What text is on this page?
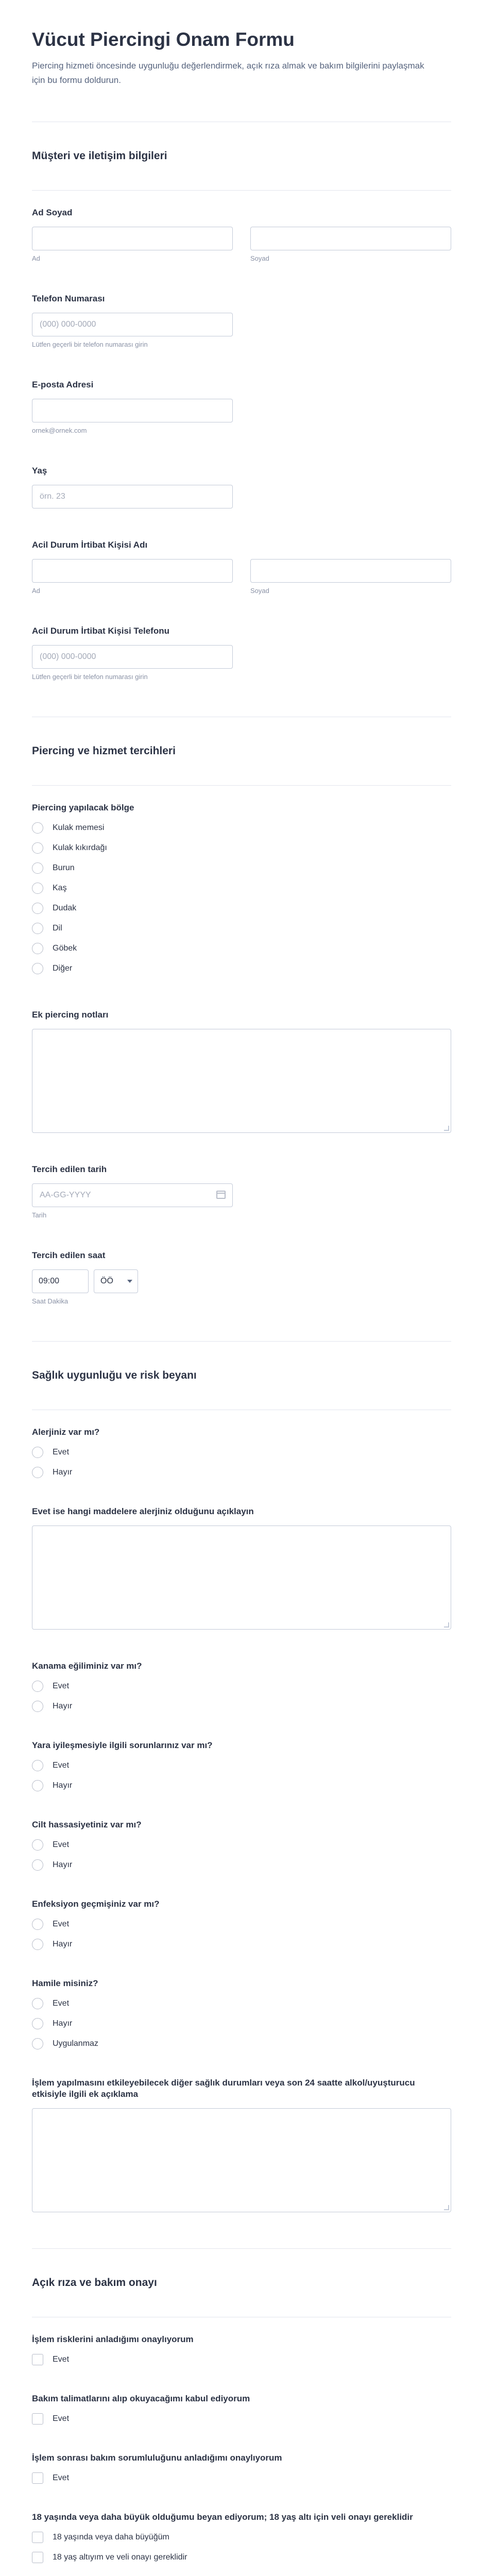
Vücut Piercingi Onam Formu
Piercing hizmeti öncesinde uygunluğu değerlendirmek, açık rıza almak ve bakım bilgilerini paylaşmak için bu formu doldurun.
Müşteri ve iletişim bilgileri
Ad Soyad
Ad	Soyad
Telefon Numarası
(000) 000-0000
Lütfen geçerli bir telefon numarası girin
E-posta Adresi
ornek@ornek.com
Yaş
örn. 23
Acil Durum İrtibat Kişisi Adı
Ad	Soyad
Acil Durum İrtibat Kişisi Telefonu
(000) 000-0000
Lütfen geçerli bir telefon numarası girin
Piercing ve hizmet tercihleri
Piercing yapılacak bölge
Kulak memesi
Kulak kıkırdağı
Burun
Kaş
Dudak
Dil
Göbek
Diğer
Ek piercing notları
Tercih edilen tarih
AA-GG-YYYY
Tarih
Tercih edilen saat
09:00	ÖÖ
Saat Dakika
Sağlık uygunluğu ve risk beyanı
Alerjiniz var mı?
Evet
Hayır
Evet ise hangi maddelere alerjiniz olduğunu açıklayın
Kanama eğiliminiz var mı?
Evet
Hayır
Yara iyileşmesiyle ilgili sorunlarınız var mı?
Evet
Hayır
Cilt hassasiyetiniz var mı?
Evet
Hayır
Enfeksiyon geçmişiniz var mı?
Evet
Hayır
Hamile misiniz?
Evet
Hayır
Uygulanmaz
İşlem yapılmasını etkileyebilecek diğer sağlık durumları veya son 24 saatte alkol/uyuşturucu etkisiyle ilgili ek açıklama
Açık rıza ve bakım onayı
İşlem risklerini anladığımı onaylıyorum
Evet
Bakım talimatlarını alıp okuyacağımı kabul ediyorum
Evet
İşlem sonrası bakım sorumluluğunu anladığımı onaylıyorum
Evet
18 yaşında veya daha büyük olduğumu beyan ediyorum; 18 yaş altı için veli onayı gereklidir
18 yaşında veya daha büyüğüm
18 yaş altıyım ve veli onayı gereklidir
